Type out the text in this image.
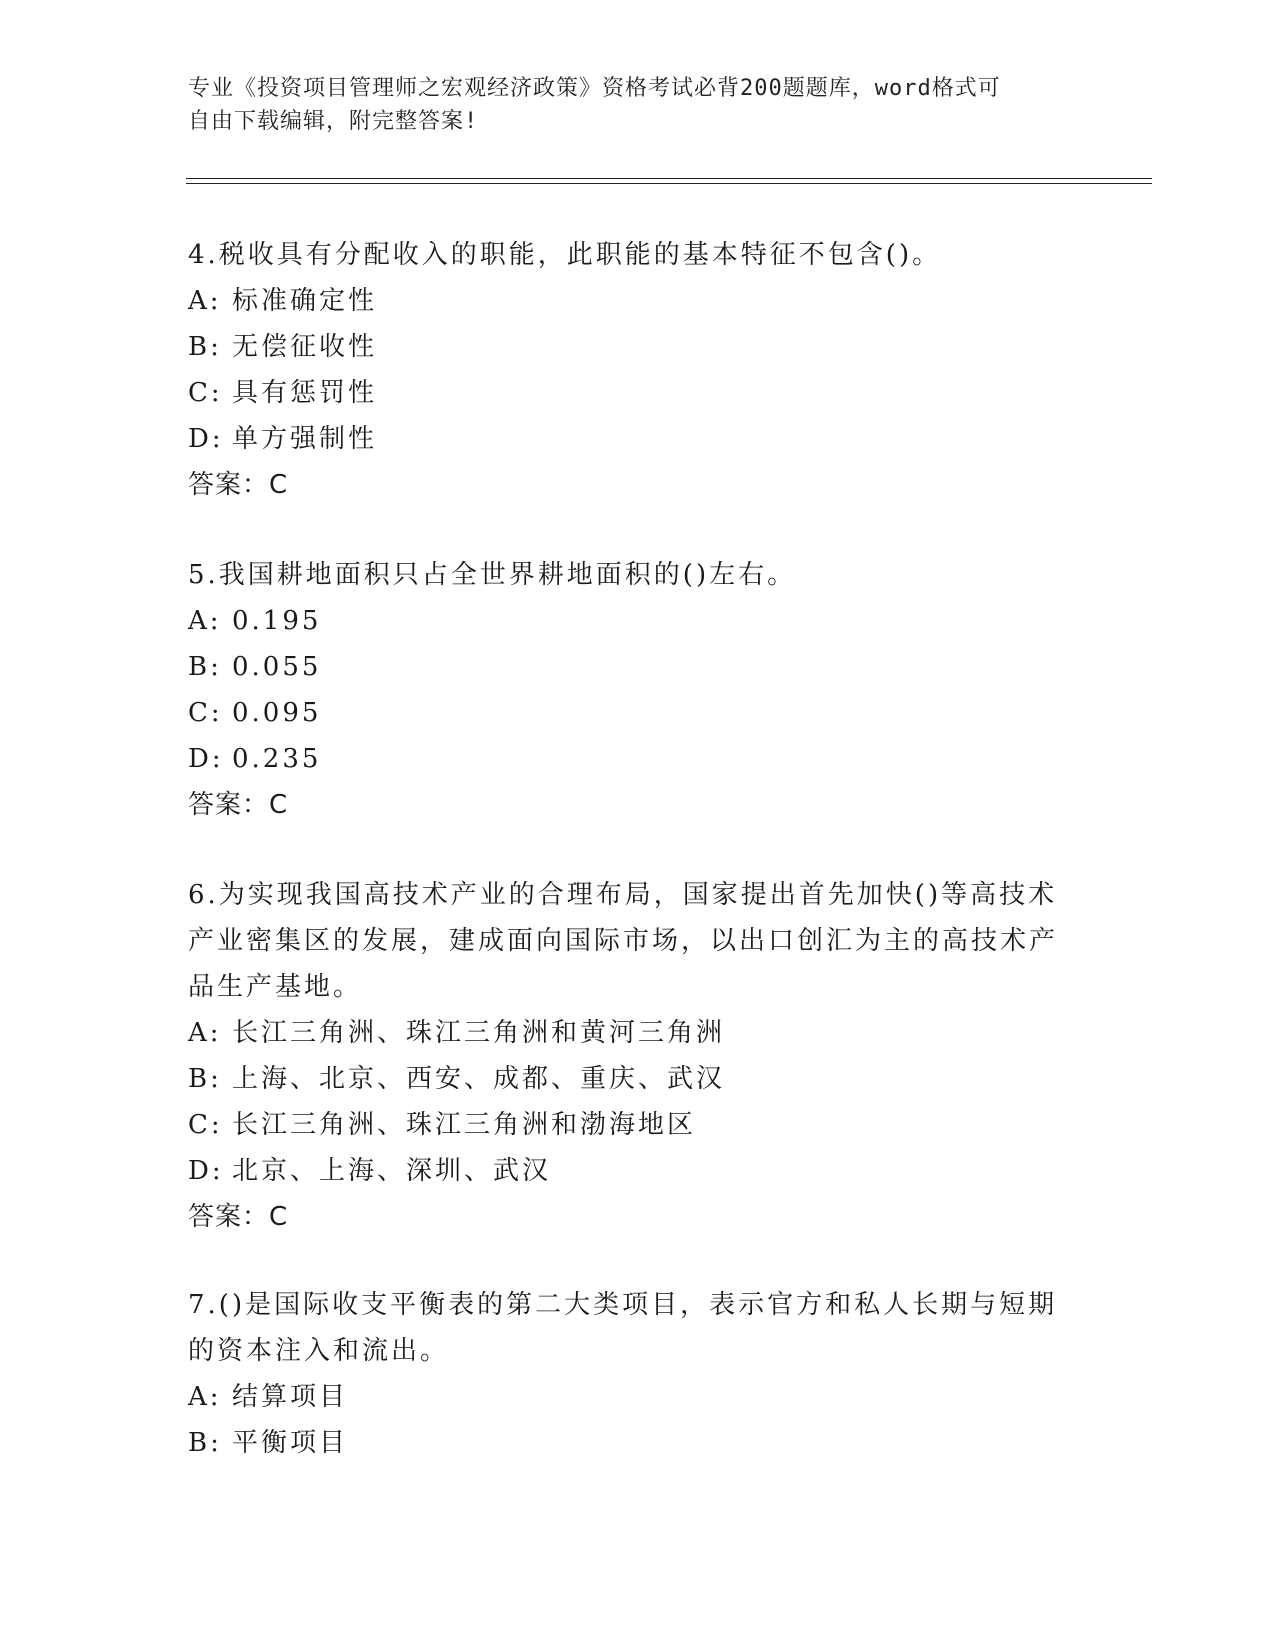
专业《投资项目管理师之宏观经济政策》资格考试必背200题题库，word格式可
自由下载编辑，附完整答案!

4.税收具有分配收入的职能，此职能的基本特征不包含()。

A: 标准确定性

B: 无偿征收性

C: 具有惩罚性

D: 单方强制性

答案：C

5.我国耕地面积只占全世界耕地面积的()左右。

A: 0.195

B: 0.055

C: 0.095

D: 0.235

答案：C

6.为实现我国高技术产业的合理布局，国家提出首先加快()等高技术产业密集区的发展，建成面向国际市场，以出口创汇为主的高技术产品生产基地。

A: 长江三角洲、珠江三角洲和黄河三角洲

B: 上海、北京、西安、成都、重庆、武汉

C: 长江三角洲、珠江三角洲和渤海地区

D: 北京、上海、深圳、武汉

答案：C

7.()是国际收支平衡表的第二大类项目，表示官方和私人长期与短期的资本注入和流出。

A: 结算项目

B: 平衡项目
